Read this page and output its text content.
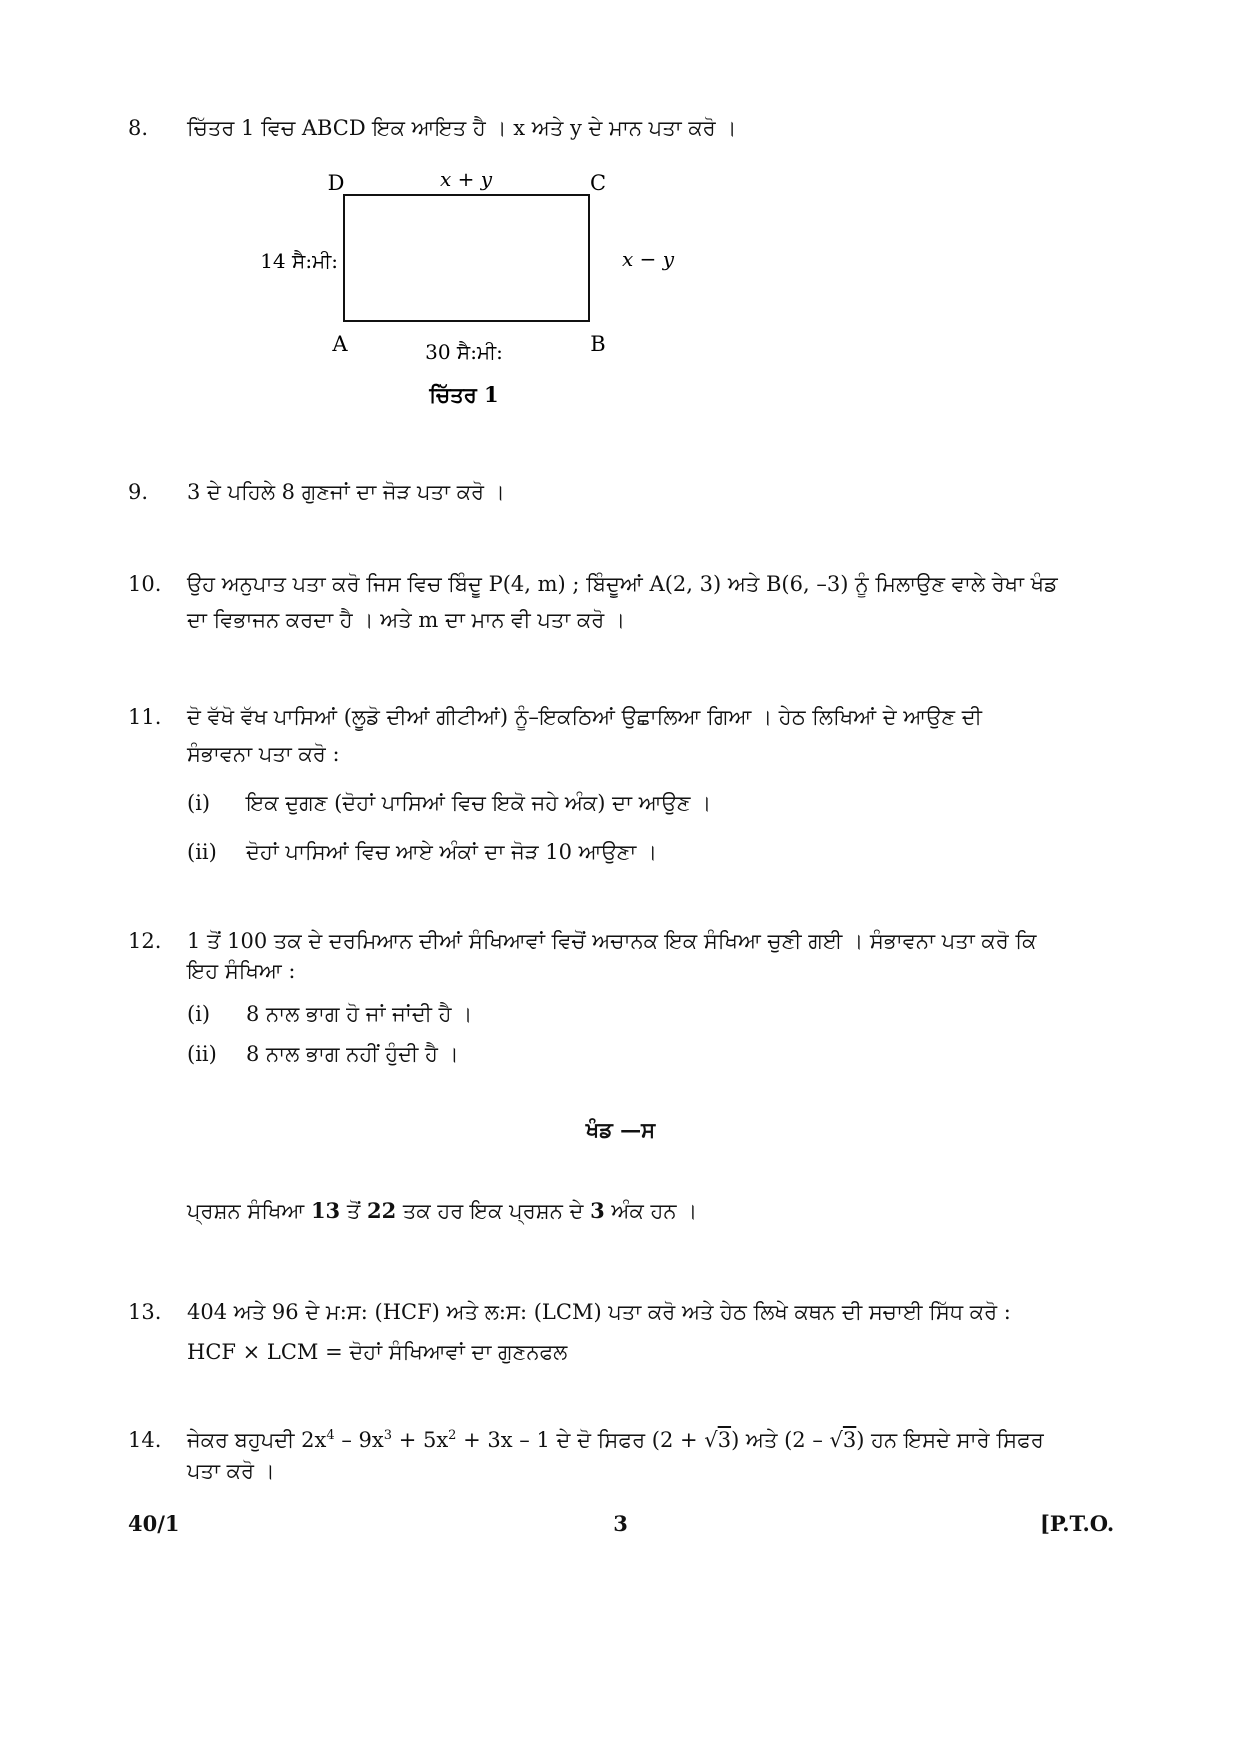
8. ਚਿੱਤਰ 1 ਵਿਚ ABCD ਇਕ ਆਇਤ ਹੈ । x ਅਤੇ y ਦੇ ਮਾਨ ਪਤਾ ਕਰੋ ।
D	C
A	B
x + y
x − y
14 ਸੈ:ਮੀ:
30 ਸੈ:ਮੀ:
ਚਿੱਤਰ 1
9. 3 ਦੇ ਪਹਿਲੇ 8 ਗੁਣਜਾਂ ਦਾ ਜੋੜ ਪਤਾ ਕਰੋ ।
10. ਉਹ ਅਨੁਪਾਤ ਪਤਾ ਕਰੋ ਜਿਸ ਵਿਚ ਬਿੰਦੂ P(4, m) ; ਬਿੰਦੂਆਂ A(2, 3) ਅਤੇ B(6, –3) ਨੂੰ ਮਿਲਾਉਣ ਵਾਲੇ ਰੇਖਾ ਖੰਡ
ਦਾ ਵਿਭਾਜਨ ਕਰਦਾ ਹੈ । ਅਤੇ m ਦਾ ਮਾਨ ਵੀ ਪਤਾ ਕਰੋ ।
11. ਦੋ ਵੱਖੋ ਵੱਖ ਪਾਸਿਆਂ (ਲੂਡੋ ਦੀਆਂ ਗੀਟੀਆਂ) ਨੂੰ–ਇਕਠਿਆਂ ਉਛਾਲਿਆ ਗਿਆ । ਹੇਠ ਲਿਖਿਆਂ ਦੇ ਆਉਣ ਦੀ
ਸੰਭਾਵਨਾ ਪਤਾ ਕਰੋ :
(i) ਇਕ ਦੁਗਣ (ਦੋਹਾਂ ਪਾਸਿਆਂ ਵਿਚ ਇਕੋ ਜਹੇ ਅੰਕ) ਦਾ ਆਉਣ ।
(ii) ਦੋਹਾਂ ਪਾਸਿਆਂ ਵਿਚ ਆਏ ਅੰਕਾਂ ਦਾ ਜੋੜ 10 ਆਉਣਾ ।
12. 1 ਤੋਂ 100 ਤਕ ਦੇ ਦਰਮਿਆਨ ਦੀਆਂ ਸੰਖਿਆਵਾਂ ਵਿਚੋਂ ਅਚਾਨਕ ਇਕ ਸੰਖਿਆ ਚੁਣੀ ਗਈ । ਸੰਭਾਵਨਾ ਪਤਾ ਕਰੋ ਕਿ
ਇਹ ਸੰਖਿਆ :
(i) 8 ਨਾਲ ਭਾਗ ਹੋ ਜਾਂ ਜਾਂਦੀ ਹੈ ।
(ii) 8 ਨਾਲ ਭਾਗ ਨਹੀਂ ਹੁੰਦੀ ਹੈ ।
ਖੰਡ —ਸ
ਪ੍ਰਸ਼ਨ ਸੰਖਿਆ 13 ਤੋਂ 22 ਤਕ ਹਰ ਇਕ ਪ੍ਰਸ਼ਨ ਦੇ 3 ਅੰਕ ਹਨ ।
13. 404 ਅਤੇ 96 ਦੇ ਮ:ਸ: (HCF) ਅਤੇ ਲ:ਸ: (LCM) ਪਤਾ ਕਰੋ ਅਤੇ ਹੇਠ ਲਿਖੇ ਕਥਨ ਦੀ ਸਚਾਈ ਸਿੱਧ ਕਰੋ :
HCF × LCM = ਦੋਹਾਂ ਸੰਖਿਆਵਾਂ ਦਾ ਗੁਣਨਫਲ
14. ਜੇਕਰ ਬਹੁਪਦੀ $2x^4 - 9x^3 + 5x^2 + 3x - 1$ ਦੇ ਦੋ ਸਿਫਰ (2 + √3) ਅਤੇ (2 – √3) ਹਨ ਇਸਦੇ ਸਾਰੇ ਸਿਫਰ
ਪਤਾ ਕਰੋ ।
40/1	3	[P.T.O.
